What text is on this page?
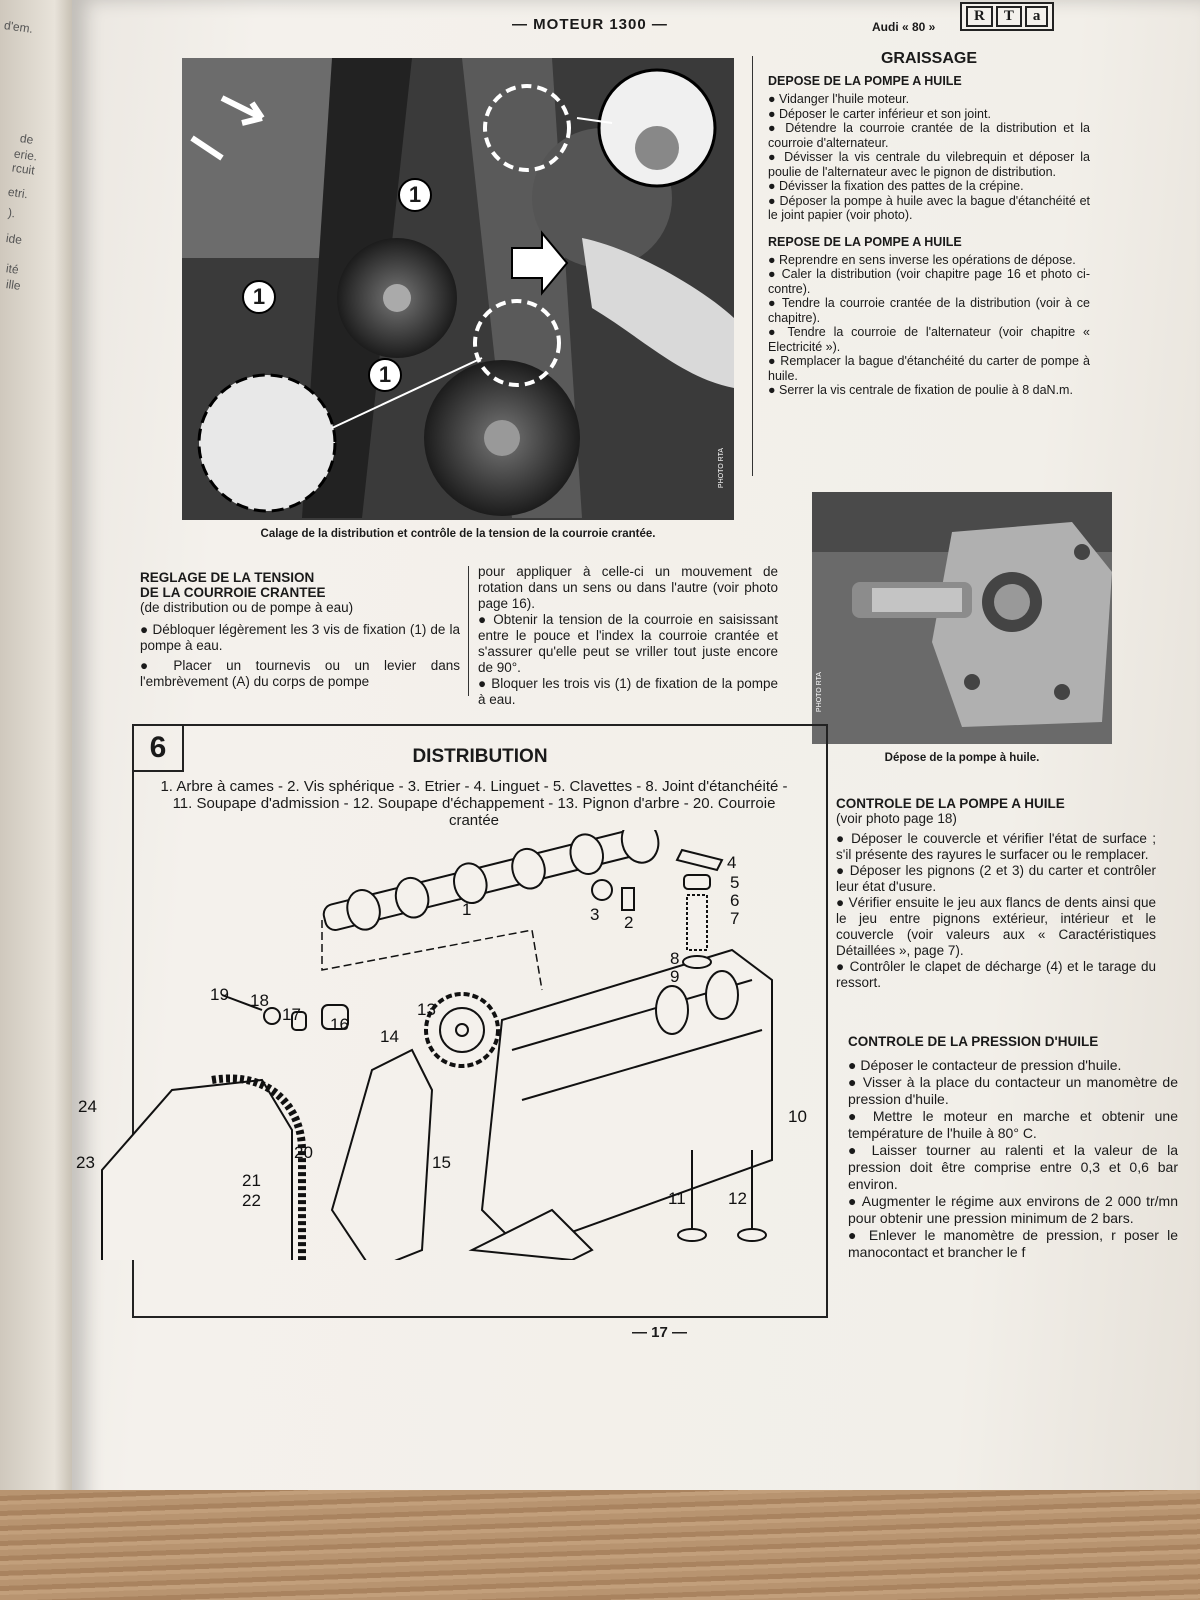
d'em.
de
erie.
rcuit
etri.
).
ide
ité
ille
— MOTEUR 1300 —	Audi « 80 »
R	T	a
1
1
1
PHOTO RTA
Calage de la distribution et contrôle de la tension de la courroie crantée.
REGLAGE DE LA TENSION
DE LA COURROIE CRANTEE
(de distribution ou de pompe à eau)

● Débloquer légèrement les 3 vis de fixation (1) de la pompe à eau.

● Placer un tournevis ou un levier dans l'embrèvement (A) du corps de pompe

pour appliquer à celle-ci un mouvement de rotation dans un sens ou dans l'autre (voir photo page 16).

● Obtenir la tension de la courroie en saisissant entre le pouce et l'index la courroie crantée et s'assurer qu'elle peut se vriller tout juste encore de 90°.

● Bloquer les trois vis (1) de fixation de la pompe à eau.

GRAISSAGE
DEPOSE DE LA POMPE A HUILE

● Vidanger l'huile moteur.

● Déposer le carter inférieur et son joint.

● Détendre la courroie crantée de la distribution et la courroie d'alternateur.

● Dévisser la vis centrale du vilebrequin et déposer la poulie de l'alternateur avec le pignon de distribution.

● Dévisser la fixation des pattes de la crépine.

● Déposer la pompe à huile avec la bague d'étanchéité et le joint papier (voir photo).

REPOSE DE LA POMPE A HUILE

● Reprendre en sens inverse les opérations de dépose.

● Caler la distribution (voir chapitre page 16 et photo ci-contre).

● Tendre la courroie crantée de la distribution (voir à ce chapitre).

● Tendre la courroie de l'alternateur (voir chapitre « Electricité »).

● Remplacer la bague d'étanchéité du carter de pompe à huile.

● Serrer la vis centrale de fixation de poulie à 8 daN.m.

PHOTO RTA
Dépose de la pompe à huile.
CONTROLE DE LA POMPE A HUILE
(voir photo page 18)

● Déposer le couvercle et vérifier l'état de surface ; s'il présente des rayures le surfacer ou le remplacer.

● Déposer les pignons (2 et 3) du carter et contrôler leur état d'usure.

● Vérifier ensuite le jeu aux flancs de dents ainsi que le jeu entre pignons extérieur, intérieur et le couvercle (voir valeurs aux « Caractéristiques Détaillées », page 7).

● Contrôler le clapet de décharge (4) et le tarage du ressort.

CONTROLE DE LA PRESSION D'HUILE

● Déposer le contacteur de pression d'huile.

● Visser à la place du contacteur un manomètre de pression d'huile.

● Mettre le moteur en marche et obtenir une température de l'huile à 80° C.

● Laisser tourner au ralenti et la valeur de la pression doit être comprise entre 0,3 et 0,6 bar environ.

● Augmenter le régime aux environs de 2 000 tr/mn pour obtenir une pression minimum de 2 bars.

● Enlever le manomètre de pression, r poser le manocontact et brancher le f

6	DISTRIBUTION
1. Arbre à cames - 2. Vis sphérique - 3. Etrier - 4. Linguet - 5. Clavettes - 8. Joint d'étanchéité - 11. Soupape d'admission - 12. Soupape d'échappement - 13. Pignon d'arbre - 20. Courroie crantée
1
2
3
4
5
6
7
8
9
10
11 12
13
14
15
16
17
18
19
20
21
22
23
24
— 17 —
